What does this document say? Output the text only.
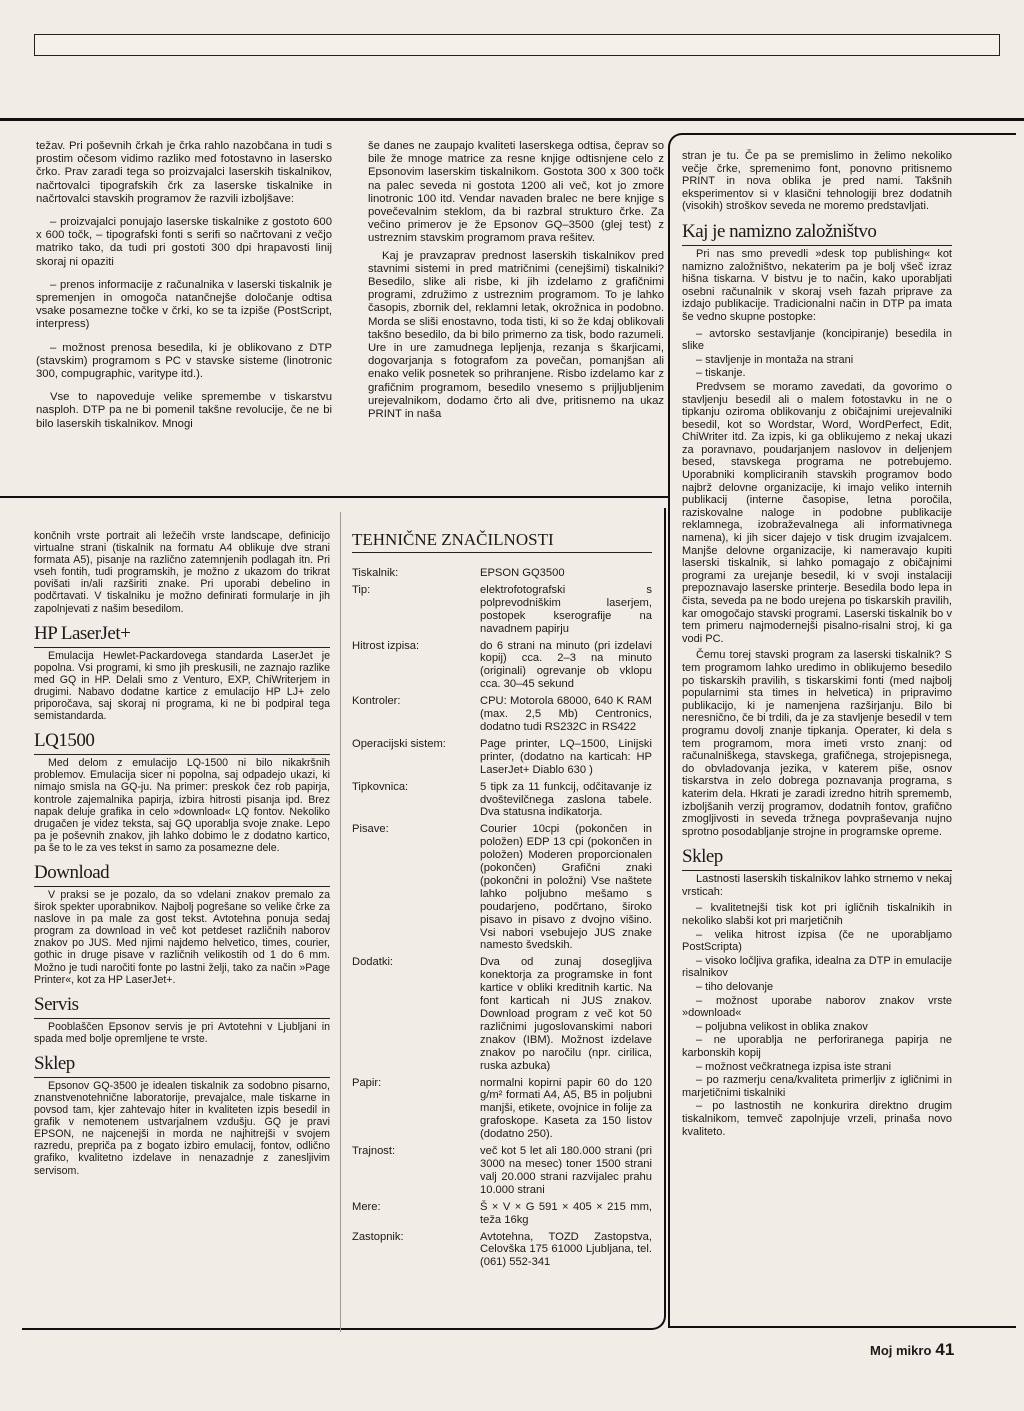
težav. Pri poševnih črkah je črka rahlo nazobčana in tudi s prostim očesom vidimo razliko med fotostavno in lasersko črko. Prav zaradi tega so proizvajalci laserskih tiskalnikov, načrtovalci tipografskih črk za laserske tiskalnike in načrtovalci stavskih programov že razvili izboljšave:

– proizvajalci ponujajo laserske tiskalnike z gostoto 600 x 600 točk, – tipografski fonti s serifi so načrtovani z večjo matriko tako, da tudi pri gostoti 300 dpi hrapavosti linij skoraj ni opaziti

– prenos informacije z računalnika v laserski tiskalnik je spremenjen in omogoča natančnejše določanje odtisa vsake posamezne točke v črki, ko se ta izpiše (PostScript, interpress)

– možnost prenosa besedila, ki je oblikovano z DTP (stavskim) programom s PC v stavske sisteme (linotronic 300, compugraphic, varitype itd.).

Vse to napoveduje velike spremembe v tiskarstvu nasploh. DTP pa ne bi pomenil takšne revolucije, če ne bi bilo laserskih tiskalnikov. Mnogi

še danes ne zaupajo kvaliteti laserskega odtisa, čeprav so bile že mnoge matrice za resne knjige odtisnjene celo z Epsonovim laserskim tiskalnikom. Gostota 300 x 300 točk na palec seveda ni gostota 1200 ali več, kot jo zmore linotronic 100 itd. Vendar navaden bralec ne bere knjige s povečevalnim steklom, da bi razbral strukturo črke. Za večino primerov je že Epsonov GQ–3500 (glej test) z ustreznim stavskim programom prava rešitev.

Kaj je pravzaprav prednost laserskih tiskalnikov pred stavnimi sistemi in pred matričnimi (cenejšimi) tiskalniki? Besedilo, slike ali risbe, ki jih izdelamo z grafičnimi programi, združimo z ustreznim programom. To je lahko časopis, zbornik del, reklamni letak, okrožnica in podobno. Morda se sliši enostavno, toda tisti, ki so že kdaj oblikovali takšno besedilo, da bi bilo primerno za tisk, bodo razumeli. Ure in ure zamudnega lepljenja, rezanja s škarjicami, dogovarjanja s fotografom za povečan, pomanjšan ali enako velik posnetek so prihranjene. Risbo izdelamo kar z grafičnim programom, besedilo vnesemo s prijljubljenim urejevalnikom, dodamo črto ali dve, pritisnemo na ukaz PRINT in naša

končnih vrste portrait ali ležečih vrste landscape, definicijo virtualne strani (tiskalnik na formatu A4 oblikuje dve strani formata A5), pisanje na različno zatemnjenih podlagah itn. Pri vseh fontih, tudi programskih, je možno z ukazom do trikrat povišati in/ali razširiti znake. Pri uporabi debelino in podčrtavati. V tiskalniku je možno definirati formularje in jih zapolnjevati z našim besedilom.

HP LaserJet+

Emulacija Hewlet-Packardovega standarda LaserJet je popolna. Vsi programi, ki smo jih preskusili, ne zaznajo razlike med GQ in HP. Delali smo z Venturo, EXP, ChiWriterjem in drugimi. Nabavo dodatne kartice z emulacijo HP LJ+ zelo priporočava, saj skoraj ni programa, ki ne bi podpiral tega semistandarda.

LQ1500

Med delom z emulacijo LQ-1500 ni bilo nikakršnih problemov. Emulacija sicer ni popolna, saj odpadejo ukazi, ki nimajo smisla na GQ-ju. Na primer: preskok čez rob papirja, kontrole zajemalnika papirja, izbira hitrosti pisanja ipd. Brez napak deluje grafika in celo »download« LQ fontov. Nekoliko drugačen je videz teksta, saj GQ uporablja svoje znake. Lepo pa je poševnih znakov, jih lahko dobimo le z dodatno kartico, pa še to le za ves tekst in samo za posamezne dele.

Download

V praksi se je pozalo, da so vdelani znakov premalo za širok spekter uporabnikov. Najbolj pogrešane so velike črke za naslove in pa male za gost tekst. Avtotehna ponuja sedaj program za download in več kot petdeset različnih naborov znakov po JUS. Med njimi najdemo helvetico, times, courier, gothic in druge pisave v različnih velikostih od 1 do 6 mm. Možno je tudi naročiti fonte po lastni želji, tako za način »Page Printer«, kot za HP LaserJet+.

Servis

Pooblaščen Epsonov servis je pri Avtotehni v Ljubljani in spada med bolje opremljene te vrste.

Sklep

Epsonov GQ-3500 je idealen tiskalnik za sodobno pisarno, znanstvenotehnične laboratorije, prevajalce, male tiskarne in povsod tam, kjer zahtevajo hiter in kvaliteten izpis besedil in grafik v nemotenem ustvarjalnem vzdušju. GQ je pravi EPSON, ne najcenejši in morda ne najhitrejši v svojem razredu, prepriča pa z bogato izbiro emulacij, fontov, odlično grafiko, kvalitetno izdelave in nenazadnje z zanesljivim servisom.

TEHNIČNE ZNAČILNOSTI
Tiskalnik:	EPSON GQ3500
Tip:	elektrofotografski s polprevodniškim laserjem, postopek kserografije na navadnem papirju
Hitrost izpisa:	do 6 strani na minuto (pri izdelavi kopij) cca. 2–3 na minuto (originali) ogrevanje ob vklopu cca. 30–45 sekund
Kontroler:	CPU: Motorola 68000, 640 K RAM (max. 2,5 Mb) Centronics, dodatno tudi RS232C in RS422
Operacijski sistem:	Page printer, LQ–1500, Linijski printer, (dodatno na karticah: HP LaserJet+ Diablo 630 )
Tipkovnica:	5 tipk za 11 funkcij, odčitavanje iz dvoštevilčnega zaslona tabele. Dva statusna indikatorja.
Pisave:	Courier 10cpi (pokončen in položen) EDP 13 cpi (pokončen in položen) Moderen proporcionalen (pokončen) Grafični znaki (pokončni in položni) Vse naštete lahko poljubno mešamo s poudarjeno, podčrtano, široko pisavo in pisavo z dvojno višino. Vsi nabori vsebujejo JUS znake namesto švedskih.
Dodatki:	Dva od zunaj dosegljiva konektorja za programske in font kartice v obliki kreditnih kartic. Na font karticah ni JUS znakov. Download program z več kot 50 različnimi jugoslovanskimi nabori znakov (IBM). Možnost izdelave znakov po naročilu (npr. cirilica, ruska azbuka)
Papir:	normalni kopirni papir 60 do 120 g/m² formati A4, A5, B5 in poljubni manjši, etikete, ovojnice in folije za grafoskope. Kaseta za 150 listov (dodatno 250).
Trajnost:	več kot 5 let ali 180.000 strani (pri 3000 na mesec) toner 1500 strani valj 20.000 strani razvijalec prahu 10.000 strani
Mere:	Š × V × G 591 × 405 × 215 mm, teža 16kg
Zastopnik:	Avtotehna, TOZD Zastopstva, Celovška 175 61000 Ljubljana, tel. (061) 552-341

stran je tu. Če pa se premislimo in želimo nekoliko večje črke, spremenimo font, ponovno pritisnemo PRINT in nova oblika je pred nami. Takšnih eksperimentov si v klasični tehnologiji brez dodatnih (visokih) stroškov seveda ne moremo predstavljati.

Kaj je namizno založništvo

Pri nas smo prevedli »desk top publishing« kot namizno založništvo, nekaterim pa je bolj všeč izraz hišna tiskarna. V bistvu je to način, kako uporabljati osebni računalnik v skoraj vseh fazah priprave za izdajo publikacije. Tradicionalni način in DTP pa imata še vedno skupne postopke:

– avtorsko sestavljanje (koncipiranje) besedila in slike

– stavljenje in montaža na strani

– tiskanje.

Predvsem se moramo zavedati, da govorimo o stavljenju besedil ali o malem fotostavku in ne o tipkanju oziroma oblikovanju z običajnimi urejevalniki besedil, kot so Wordstar, Word, WordPerfect, Edit, ChiWriter itd. Za izpis, ki ga oblikujemo z nekaj ukazi za poravnavo, poudarjanjem naslovov in deljenjem besed, stavskega programa ne potrebujemo. Uporabniki kompliciranih stavskih programov bodo najbrž delovne organizacije, ki imajo veliko internih publikacij (interne časopise, letna poročila, raziskovalne naloge in podobne publikacije reklamnega, izobraževalnega ali informativnega namena), ki jih sicer dajejo v tisk drugim izvajalcem. Manjše delovne organizacije, ki nameravajo kupiti laserski tiskalnik, si lahko pomagajo z običajnimi programi za urejanje besedil, ki v svoji instalaciji prepoznavajo laserske printerje. Besedila bodo lepa in čista, seveda pa ne bodo urejena po tiskarskih pravilih, kar omogočajo stavski programi. Laserski tiskalnik bo v tem primeru najmodernejši pisalno-risalni stroj, ki ga vodi PC.

Čemu torej stavski program za laserski tiskalnik? S tem programom lahko uredimo in oblikujemo besedilo po tiskarskih pravilih, s tiskarskimi fonti (med najbolj popularnimi sta times in helvetica) in pripravimo publikacijo, ki je namenjena razširjanju. Bilo bi neresnično, če bi trdili, da je za stavljenje besedil v tem programu dovolj znanje tipkanja. Operater, ki dela s tem programom, mora imeti vrsto znanj: od računalniškega, stavskega, grafičnega, strojepisnega, do obvladovanja jezika, v katerem piše, osnov tiskarstva in zelo dobrega poznavanja programa, s katerim dela. Hkrati je zaradi izredno hitrih sprememb, izboljšanih verzij programov, dodatnih fontov, grafično zmogljivosti in seveda tržnega povpraševanja nujno sprotno posodabljanje strojne in programske opreme.

Sklep

Lastnosti laserskih tiskalnikov lahko strnemo v nekaj vrsticah:

– kvalitetnejši tisk kot pri igličnih tiskalnikih in nekoliko slabši kot pri marjetičnih

– velika hitrost izpisa (če ne uporabljamo PostScripta)

– visoko ločljiva grafika, idealna za DTP in emulacije risalnikov

– tiho delovanje

– možnost uporabe naborov znakov vrste »download«

– poljubna velikost in oblika znakov

– ne uporablja ne perforiranega papirja ne karbonskih kopij

– možnost večkratnega izpisa iste strani

– po razmerju cena/kvaliteta primerljiv z igličnimi in marjetičnimi tiskalniki

– po lastnostih ne konkurira direktno drugim tiskalnikom, temveč zapolnjuje vrzeli, prinaša novo kvaliteto.

Moj mikro 41
